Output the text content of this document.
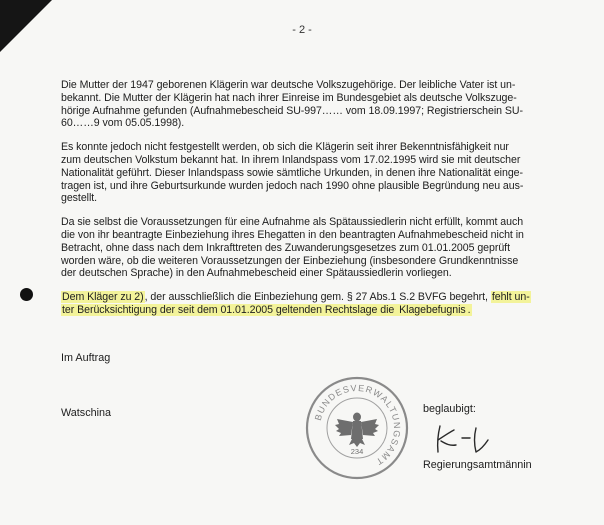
- 2 -

Die Mutter der 1947 geborenen Klägerin war deutsche Volkszugehörige. Der leibliche Vater ist un-
bekannt. Die Mutter der Klägerin hat nach ihrer Einreise im Bundesgebiet als deutsche Volkszuge-
hörige Aufnahme gefunden (Aufnahmebescheid SU-997…… vom 18.09.1997; Registrierschein SU-
60……9 vom 05.05.1998).

Es konnte jedoch nicht festgestellt werden, ob sich die Klägerin seit ihrer Bekenntnisfähigkeit nur
zum deutschen Volkstum bekannt hat. In ihrem Inlandspass vom 17.02.1995 wird sie mit deutscher
Nationalität geführt. Dieser Inlandspass sowie sämtliche Urkunden, in denen ihre Nationalität einge-
tragen ist, und ihre Geburtsurkunde wurden jedoch nach 1990 ohne plausible Begründung neu aus-
gestellt.

Da sie selbst die Voraussetzungen für eine Aufnahme als Spätaussiedlerin nicht erfüllt, kommt auch
die von ihr beantragte Einbeziehung ihres Ehegatten in den beantragten Aufnahmebescheid nicht in
Betracht, ohne dass nach dem Inkrafttreten des Zuwanderungsgesetzes zum 01.01.2005 geprüft
worden wäre, ob die weiteren Voraussetzungen der Einbeziehung (insbesondere Grundkenntnisse
der deutschen Sprache) in den Aufnahmebescheid einer Spätaussiedlerin vorliegen.

Dem Kläger zu 2), der ausschließlich die Einbeziehung gem. § 27 Abs.1 S.2 BVFG begehrt, fehlt un-
ter Berücksichtigung der seit dem 01.01.2005 geltenden Rechtslage die Klagebefugnis .

Im Auftrag
Watschina	beglaubigt:
Regierungsamtmännin
BUNDESVERWALTUNGSAMT
234
